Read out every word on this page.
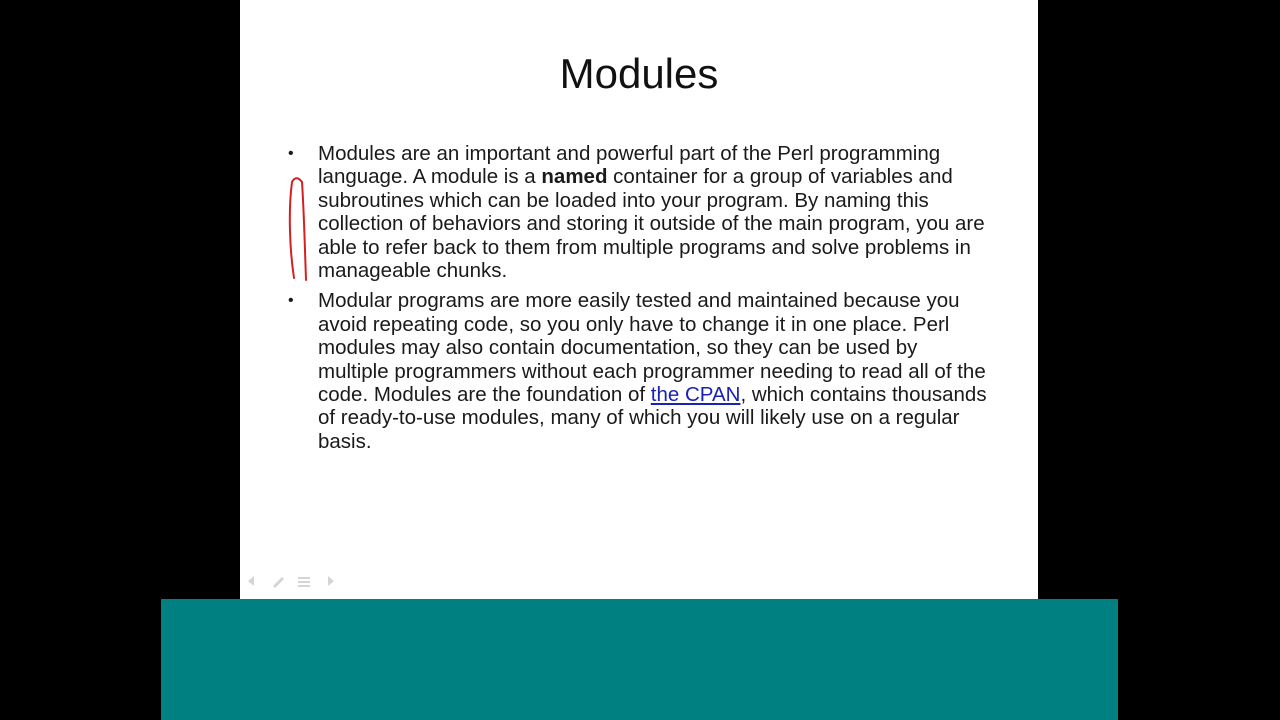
Modules
• Modules are an important and powerful part of the Perl programming language. A module is a named container for a group of variables and subroutines which can be loaded into your program. By naming this collection of behaviors and storing it outside of the main program, you are able to refer back to them from multiple programs and solve problems in manageable chunks.
• Modular programs are more easily tested and maintained because you avoid repeating code, so you only have to change it in one place. Perl modules may also contain documentation, so they can be used by multiple programmers without each programmer needing to read all of the code. Modules are the foundation of the CPAN, which contains thousands of ready-to-use modules, many of which you will likely use on a regular basis.
